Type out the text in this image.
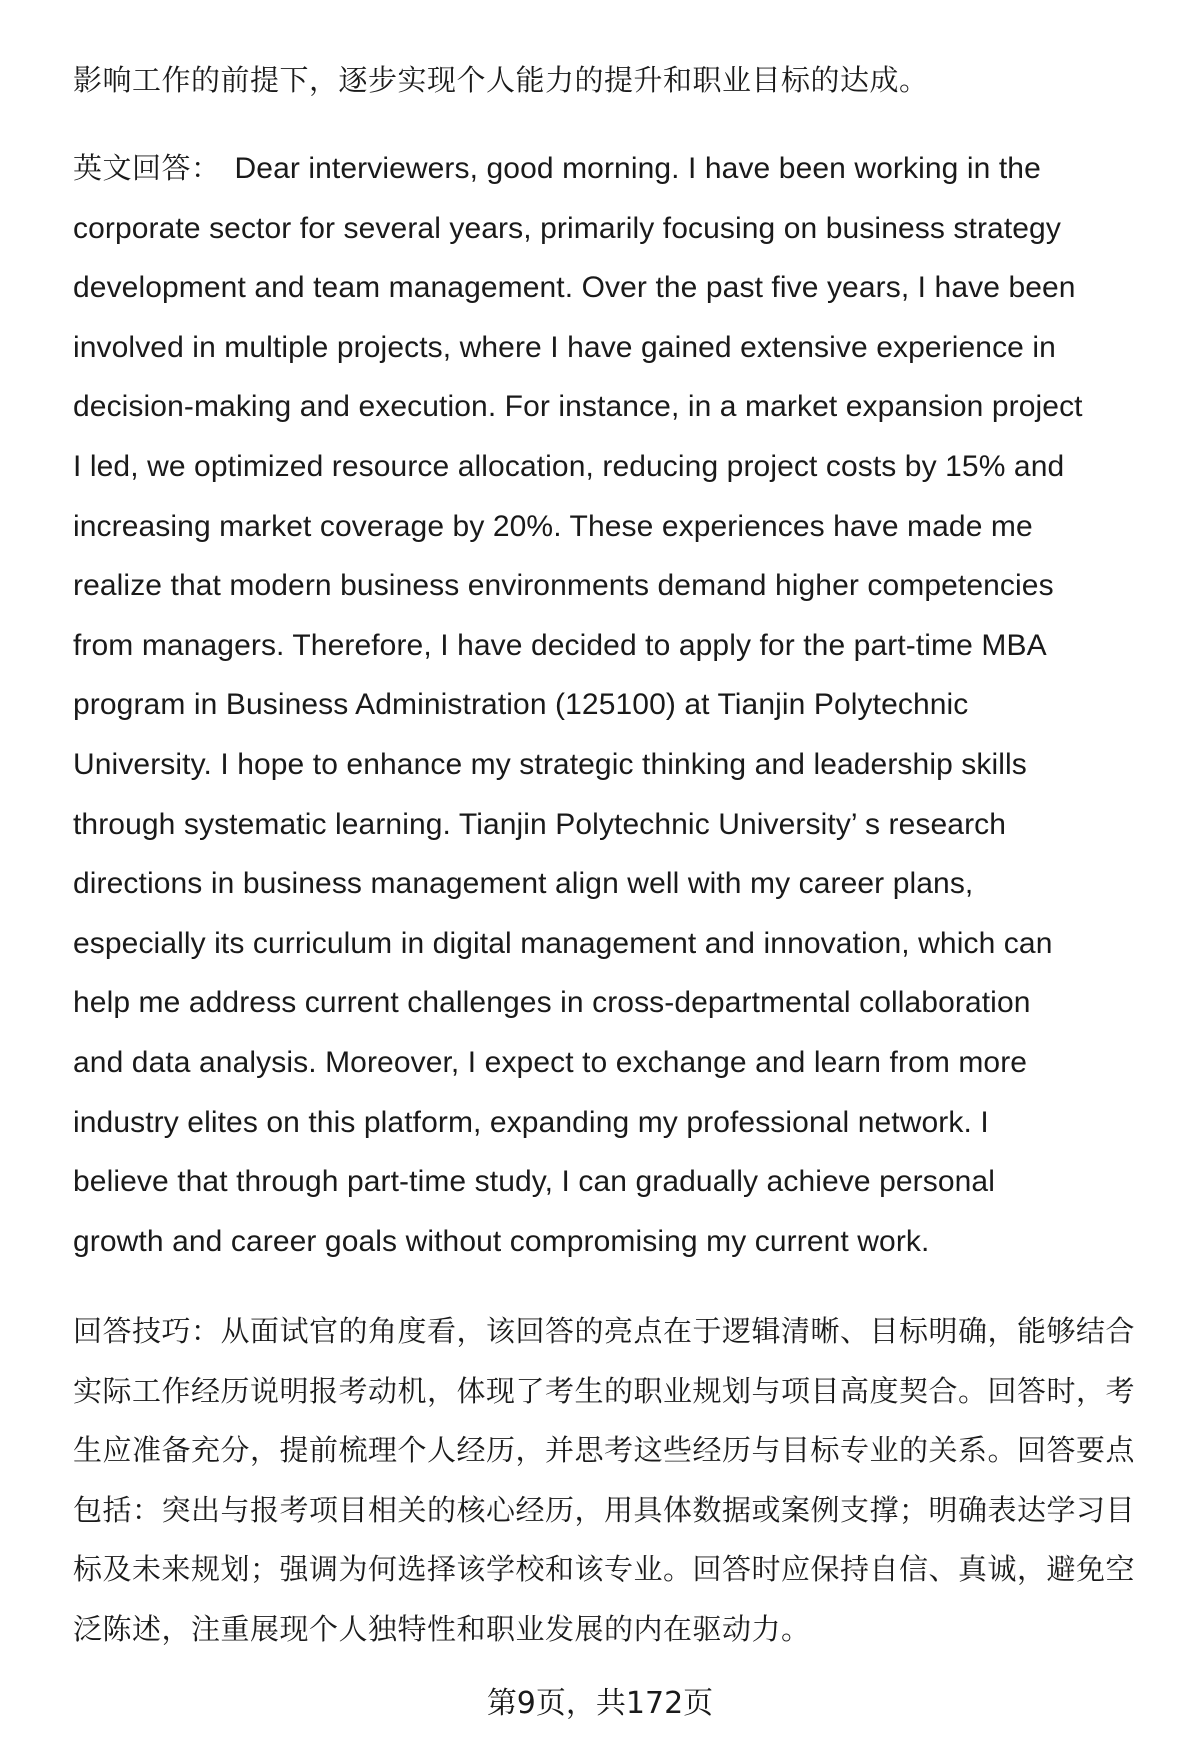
影响工作的前提下，逐步实现个人能力的提升和职业目标的达成。
英文回答： Dear interviewers, good morning. I have been working in the
corporate sector for several years, primarily focusing on business strategy
development and team management. Over the past five years, I have been
involved in multiple projects, where I have gained extensive experience in
decision-making and execution. For instance, in a market expansion project
I led, we optimized resource allocation, reducing project costs by 15% and
increasing market coverage by 20%. These experiences have made me
realize that modern business environments demand higher competencies
from managers. Therefore, I have decided to apply for the part-time MBA
program in Business Administration (125100) at Tianjin Polytechnic
University. I hope to enhance my strategic thinking and leadership skills
through systematic learning. Tianjin Polytechnic University’ s research
directions in business management align well with my career plans,
especially its curriculum in digital management and innovation, which can
help me address current challenges in cross-departmental collaboration
and data analysis. Moreover, I expect to exchange and learn from more
industry elites on this platform, expanding my professional network. I
believe that through part-time study, I can gradually achieve personal
growth and career goals without compromising my current work.
回答技巧：从面试官的角度看，该回答的亮点在于逻辑清晰、目标明确，能够结合
实际工作经历说明报考动机，体现了考生的职业规划与项目高度契合。回答时，考
生应准备充分，提前梳理个人经历，并思考这些经历与目标专业的关系。回答要点
包括：突出与报考项目相关的核心经历，用具体数据或案例支撑；明确表达学习目
标及未来规划；强调为何选择该学校和该专业。回答时应保持自信、真诚，避免空
泛陈述，注重展现个人独特性和职业发展的内在驱动力。
第9页，共172页
